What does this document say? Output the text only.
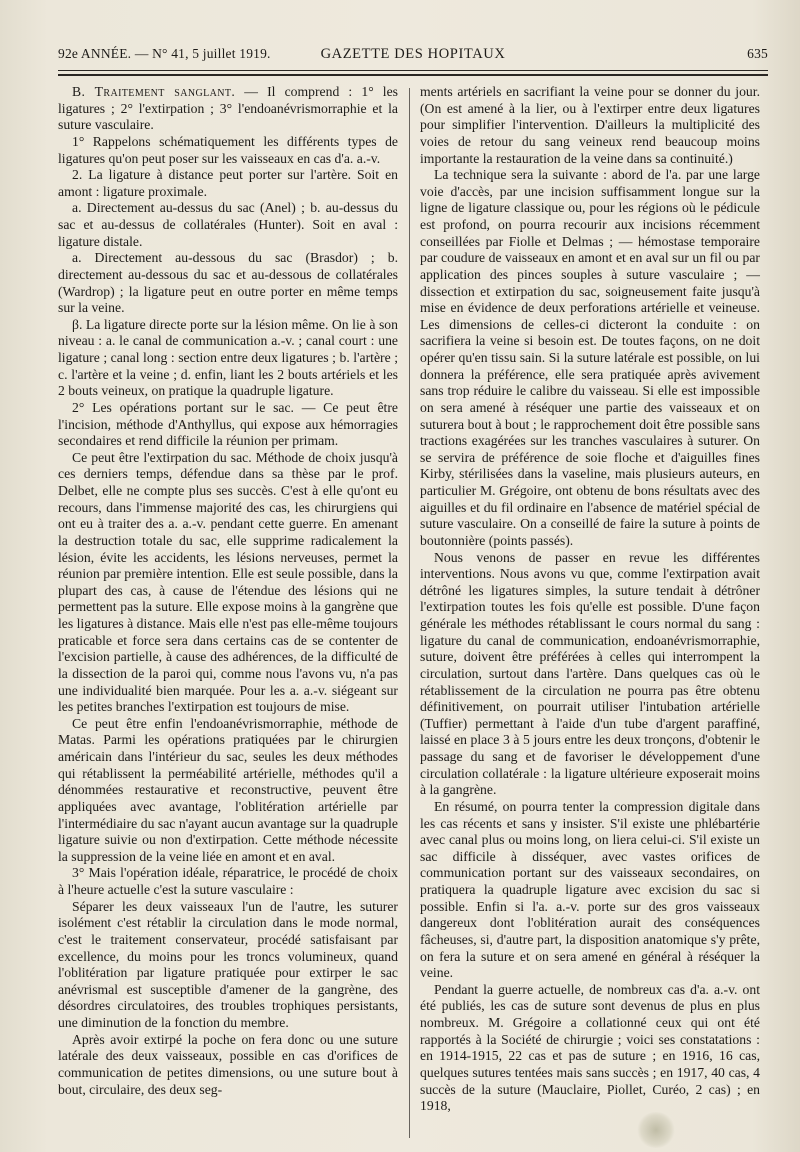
92e ANNÉE. — N° 41, 5 juillet 1919.	GAZETTE DES HOPITAUX	635

B. Traitement sanglant. — Il comprend : 1° les ligatures ; 2° l'extirpation ; 3° l'endoanévrismorraphie et la suture vasculaire.

1° Rappelons schématiquement les différents types de ligatures qu'on peut poser sur les vaisseaux en cas d'a. a.-v.

2. La ligature à distance peut porter sur l'artère. Soit en amont : ligature proximale.

a. Directement au-dessus du sac (Anel) ; b. au-dessus du sac et au-dessus de collatérales (Hunter). Soit en aval : ligature distale.

a. Directement au-dessous du sac (Brasdor) ; b. directement au-dessous du sac et au-dessous de collatérales (Wardrop) ; la ligature peut en outre porter en même temps sur la veine.

β. La ligature directe porte sur la lésion même. On lie à son niveau : a. le canal de communication a.-v. ; canal court : une ligature ; canal long : section entre deux ligatures ; b. l'artère ; c. l'artère et la veine ; d. enfin, liant les 2 bouts artériels et les 2 bouts veineux, on pratique la quadruple ligature.

2° Les opérations portant sur le sac. — Ce peut être l'incision, méthode d'Anthyllus, qui expose aux hémorragies secondaires et rend difficile la réunion per primam.

Ce peut être l'extirpation du sac. Méthode de choix jusqu'à ces derniers temps, défendue dans sa thèse par le prof. Delbet, elle ne compte plus ses succès. C'est à elle qu'ont eu recours, dans l'immense majorité des cas, les chirurgiens qui ont eu à traiter des a. a.-v. pendant cette guerre. En amenant la destruction totale du sac, elle supprime radicalement la lésion, évite les accidents, les lésions nerveuses, permet la réunion par première intention. Elle est seule possible, dans la plupart des cas, à cause de l'étendue des lésions qui ne permettent pas la suture. Elle expose moins à la gangrène que les ligatures à distance. Mais elle n'est pas elle-même toujours praticable et force sera dans certains cas de se contenter de l'excision partielle, à cause des adhérences, de la difficulté de la dissection de la paroi qui, comme nous l'avons vu, n'a pas une individualité bien marquée. Pour les a. a.-v. siégeant sur les petites branches l'extirpation est toujours de mise.

Ce peut être enfin l'endoanévrismorraphie, méthode de Matas. Parmi les opérations pratiquées par le chirurgien américain dans l'intérieur du sac, seules les deux méthodes qui rétablissent la perméabilité artérielle, méthodes qu'il a dénommées restaurative et reconstructive, peuvent être appliquées avec avantage, l'oblitération artérielle par l'intermédiaire du sac n'ayant aucun avantage sur la quadruple ligature suivie ou non d'extirpation. Cette méthode nécessite la suppression de la veine liée en amont et en aval.

3° Mais l'opération idéale, réparatrice, le procédé de choix à l'heure actuelle c'est la suture vasculaire :

Séparer les deux vaisseaux l'un de l'autre, les suturer isolément c'est rétablir la circulation dans le mode normal, c'est le traitement conservateur, procédé satisfaisant par excellence, du moins pour les troncs volumineux, quand l'oblitération par ligature pratiquée pour extirper le sac anévrismal est susceptible d'amener de la gangrène, des désordres circulatoires, des troubles trophiques persistants, une diminution de la fonction du membre.

Après avoir extirpé la poche on fera donc ou une suture latérale des deux vaisseaux, possible en cas d'orifices de communication de petites dimensions, ou une suture bout à bout, circulaire, des deux seg-

ments artériels en sacrifiant la veine pour se donner du jour. (On est amené à la lier, ou à l'extirper entre deux ligatures pour simplifier l'intervention. D'ailleurs la multiplicité des voies de retour du sang veineux rend beaucoup moins importante la restauration de la veine dans sa continuité.)

La technique sera la suivante : abord de l'a. par une large voie d'accès, par une incision suffisamment longue sur la ligne de ligature classique ou, pour les régions où le pédicule est profond, on pourra recourir aux incisions récemment conseillées par Fiolle et Delmas ; — hémostase temporaire par coudure de vaisseaux en amont et en aval sur un fil ou par application des pinces souples à suture vasculaire ; — dissection et extirpation du sac, soigneusement faite jusqu'à mise en évidence de deux perforations artérielle et veineuse. Les dimensions de celles-ci dicteront la conduite : on sacrifiera la veine si besoin est. De toutes façons, on ne doit opérer qu'en tissu sain. Si la suture latérale est possible, on lui donnera la préférence, elle sera pratiquée après avivement sans trop réduire le calibre du vaisseau. Si elle est impossible on sera amené à réséquer une partie des vaisseaux et on suturera bout à bout ; le rapprochement doit être possible sans tractions exagérées sur les tranches vasculaires à suturer. On se servira de préférence de soie floche et d'aiguilles fines Kirby, stérilisées dans la vaseline, mais plusieurs auteurs, en particulier M. Grégoire, ont obtenu de bons résultats avec des aiguilles et du fil ordinaire en l'absence de matériel spécial de suture vasculaire. On a conseillé de faire la suture à points de boutonnière (points passés).

Nous venons de passer en revue les différentes interventions. Nous avons vu que, comme l'extirpation avait détrôné les ligatures simples, la suture tendait à détrôner l'extirpation toutes les fois qu'elle est possible. D'une façon générale les méthodes rétablissant le cours normal du sang : ligature du canal de communication, endoanévrismorraphie, suture, doivent être préférées à celles qui interrompent la circulation, surtout dans l'artère. Dans quelques cas où le rétablissement de la circulation ne pourra pas être obtenu définitivement, on pourrait utiliser l'intubation artérielle (Tuffier) permettant à l'aide d'un tube d'argent paraffiné, laissé en place 3 à 5 jours entre les deux tronçons, d'obtenir le passage du sang et de favoriser le développement d'une circulation collatérale : la ligature ultérieure exposerait moins à la gangrène.

En résumé, on pourra tenter la compression digitale dans les cas récents et sans y insister. S'il existe une phlébartérie avec canal plus ou moins long, on liera celui-ci. S'il existe un sac difficile à disséquer, avec vastes orifices de communication portant sur des vaisseaux secondaires, on pratiquera la quadruple ligature avec excision du sac si possible. Enfin si l'a. a.-v. porte sur des gros vaisseaux dangereux dont l'oblitération aurait des conséquences fâcheuses, si, d'autre part, la disposition anatomique s'y prête, on fera la suture et on sera amené en général à réséquer la veine.

Pendant la guerre actuelle, de nombreux cas d'a. a.-v. ont été publiés, les cas de suture sont devenus de plus en plus nombreux. M. Grégoire a collationné ceux qui ont été rapportés à la Société de chirurgie ; voici ses constatations : en 1914-1915, 22 cas et pas de suture ; en 1916, 16 cas, quelques sutures tentées mais sans succès ; en 1917, 40 cas, 4 succès de la suture (Mauclaire, Piollet, Curéo, 2 cas) ; en 1918,
